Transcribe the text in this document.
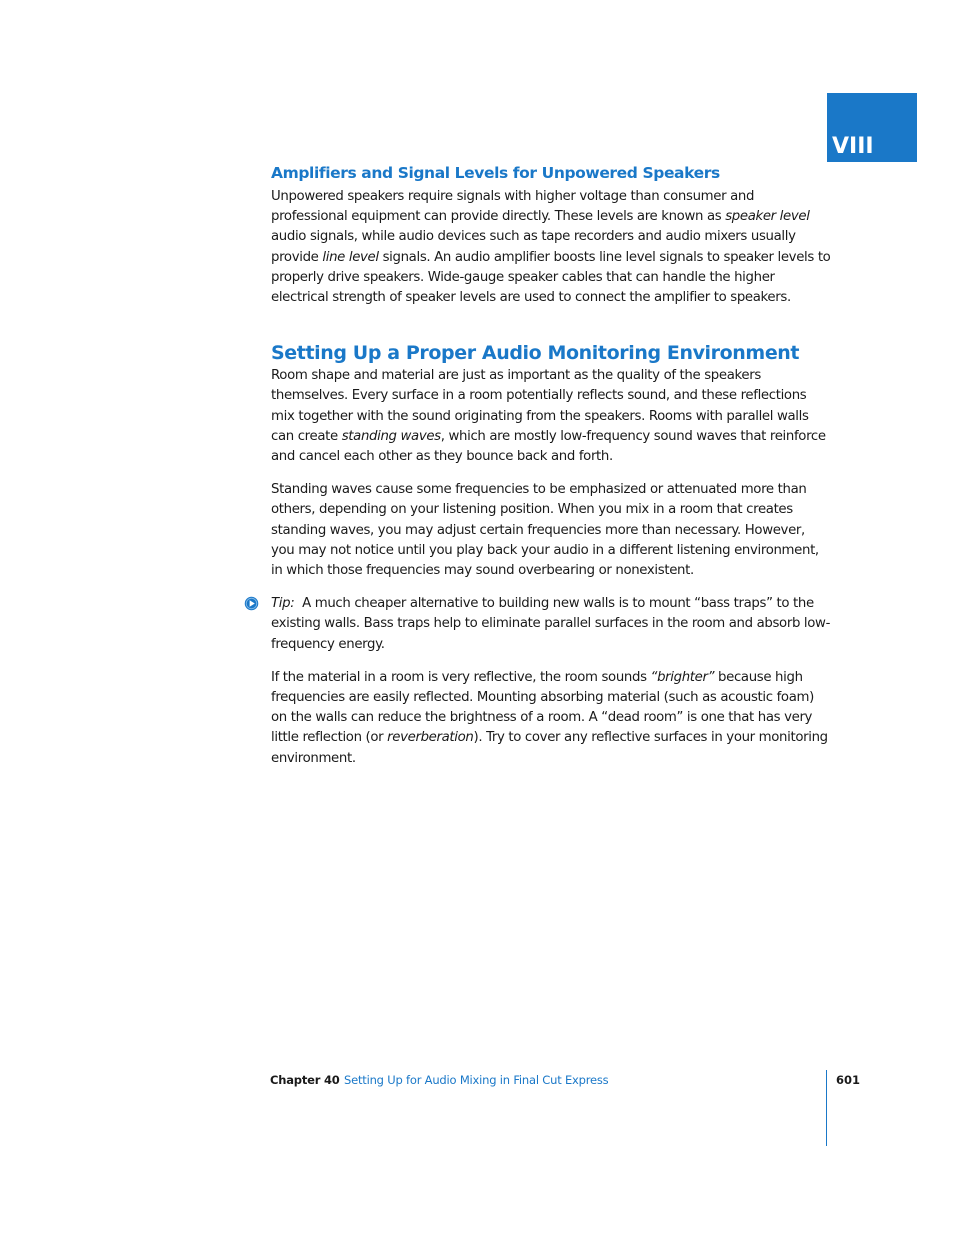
VIII
Amplifiers and Signal Levels for Unpowered Speakers

Unpowered speakers require signals with higher voltage than consumer and professional equipment can provide directly. These levels are known as speaker level audio signals, while audio devices such as tape recorders and audio mixers usually provide line level signals. An audio amplifier boosts line level signals to speaker levels to properly drive speakers. Wide-gauge speaker cables that can handle the higher electrical strength of speaker levels are used to connect the amplifier to speakers.

Setting Up a Proper Audio Monitoring Environment

Room shape and material are just as important as the quality of the speakers themselves. Every surface in a room potentially reflects sound, and these reflections mix together with the sound originating from the speakers. Rooms with parallel walls can create standing waves, which are mostly low-frequency sound waves that reinforce and cancel each other as they bounce back and forth.

Standing waves cause some frequencies to be emphasized or attenuated more than others, depending on your listening position. When you mix in a room that creates standing waves, you may adjust certain frequencies more than necessary. However, you may not notice until you play back your audio in a different listening environment, in which those frequencies may sound overbearing or nonexistent.

Tip:  A much cheaper alternative to building new walls is to mount “bass traps” to the existing walls. Bass traps help to eliminate parallel surfaces in the room and absorb low-frequency energy.

If the material in a room is very reflective, the room sounds “brighter” because high frequencies are easily reflected. Mounting absorbing material (such as acoustic foam) on the walls can reduce the brightness of a room. A “dead room” is one that has very little reflection (or reverberation). Try to cover any reflective surfaces in your monitoring environment.

Chapter 40 Setting Up for Audio Mixing in Final Cut Express	601
